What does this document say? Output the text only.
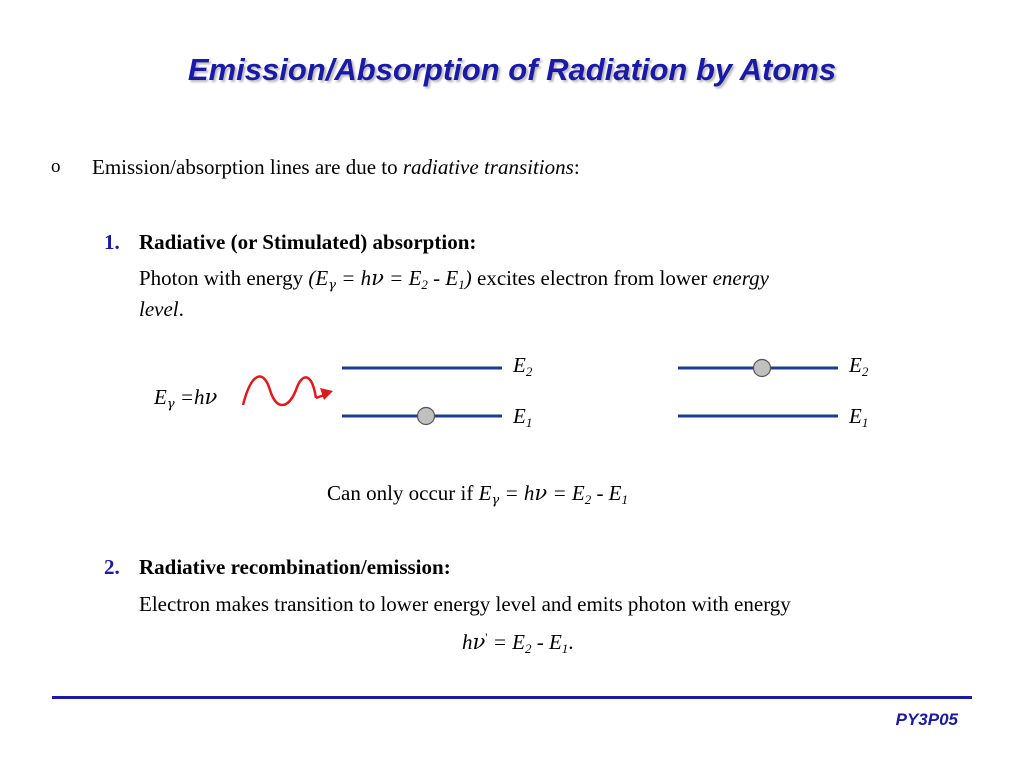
Emission/Absorption of Radiation by Atoms
o Emission/absorption lines are due to radiative transitions:
1. Radiative (or Stimulated) absorption:
Photon with energy $(E_\gamma = h\nu = E_2 - E_1)$ excites electron from lower energy
level.
$E_\gamma =h\nu$
$E_2$
$E_1$
$E_2$
$E_1$
Can only occur if $E_\gamma = h\nu = E_2 - E_1$
2. Radiative recombination/emission:
Electron makes transition to lower energy level and emits photon with energy
$h\nu' = E_2 - E_1$.
PY3P05
